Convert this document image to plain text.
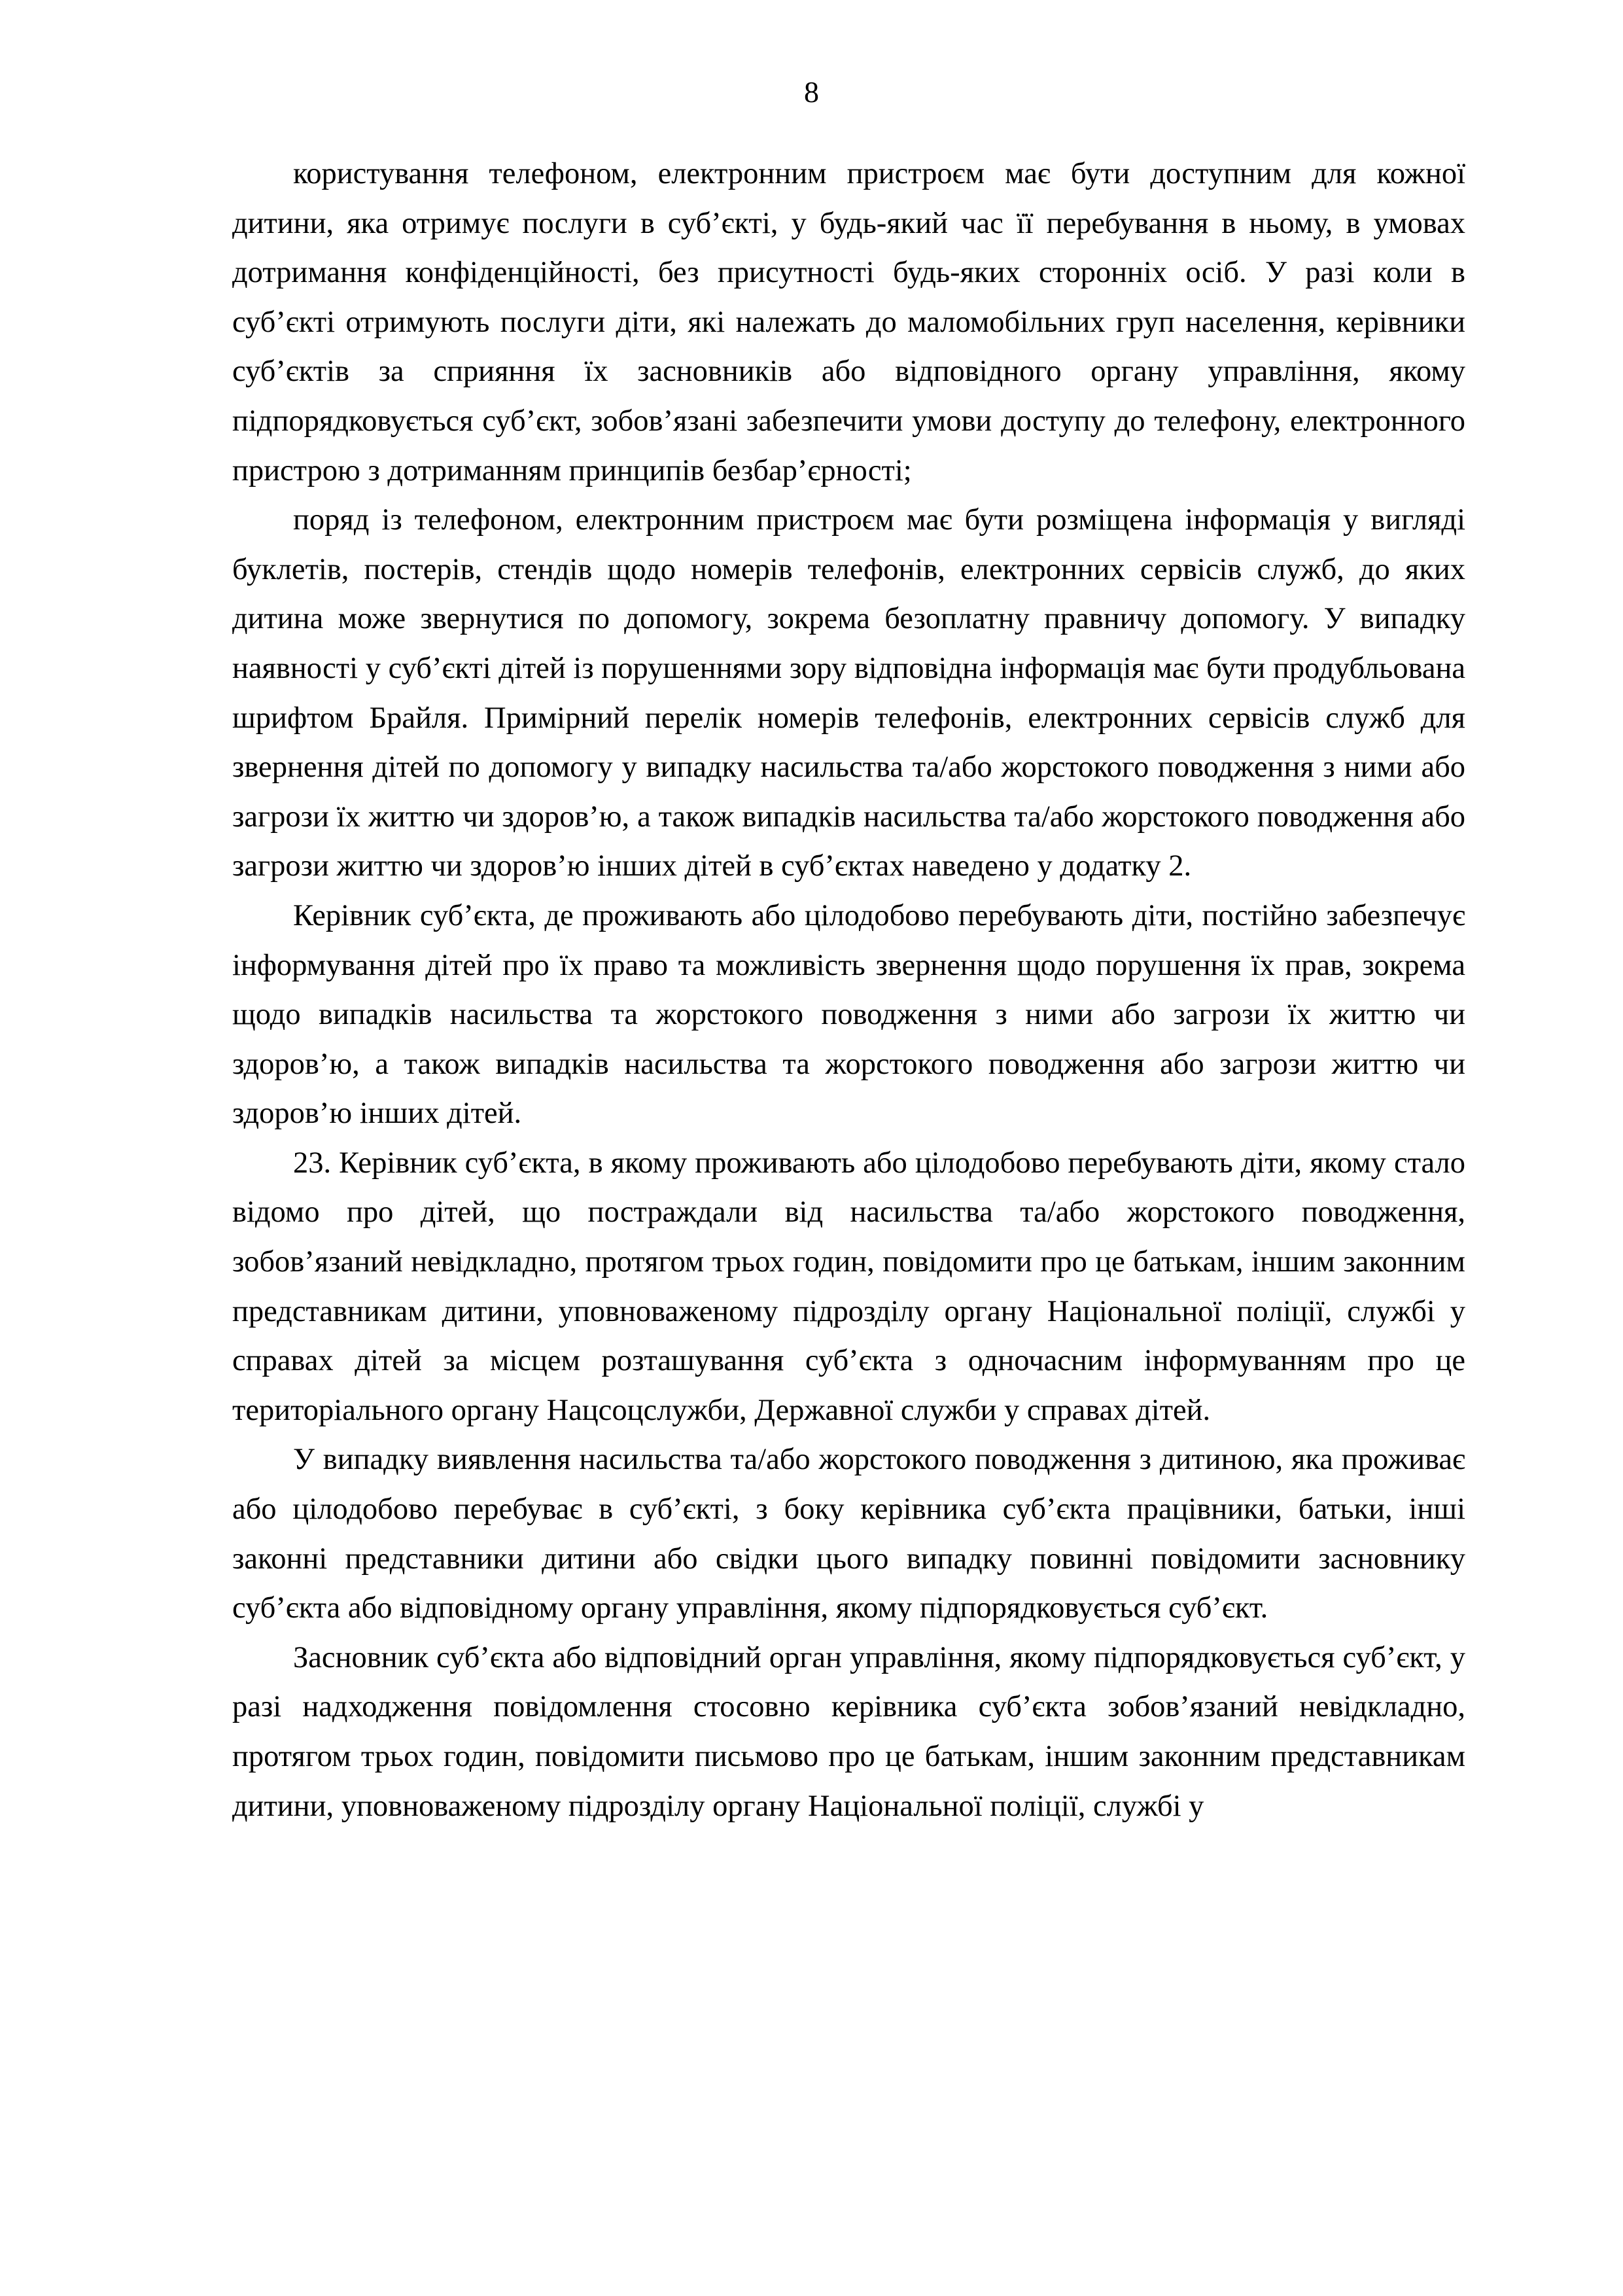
8

користування телефоном, електронним пристроєм має бути доступним для кожної дитини, яка отримує послуги в суб’єкті, у будь-який час її перебування в ньому, в умовах дотримання конфіденційності, без присутності будь-яких сторонніх осіб. У разі коли в суб’єкті отримують послуги діти, які належать до маломобільних груп населення, керівники суб’єктів за сприяння їх засновників або відповідного органу управління, якому підпорядковується суб’єкт, зобов’язані забезпечити умови доступу до телефону, електронного пристрою з дотриманням принципів безбар’єрності;

поряд із телефоном, електронним пристроєм має бути розміщена інформація у вигляді буклетів, постерів, стендів щодо номерів телефонів, електронних сервісів служб, до яких дитина може звернутися по допомогу, зокрема безоплатну правничу допомогу. У випадку наявності у суб’єкті дітей із порушеннями зору відповідна інформація має бути продубльована шрифтом Брайля. Примірний перелік номерів телефонів, електронних сервісів служб для звернення дітей по допомогу у випадку насильства та/або жорстокого поводження з ними або загрози їх життю чи здоров’ю, а також випадків насильства та/або жорстокого поводження або загрози життю чи здоров’ю інших дітей в суб’єктах наведено у додатку 2.

Керівник суб’єкта, де проживають або цілодобово перебувають діти, постійно забезпечує інформування дітей про їх право та можливість звернення щодо порушення їх прав, зокрема щодо випадків насильства та жорстокого поводження з ними або загрози їх життю чи здоров’ю, а також випадків насильства та жорстокого поводження або загрози життю чи здоров’ю інших дітей.

23. Керівник суб’єкта, в якому проживають або цілодобово перебувають діти, якому стало відомо про дітей, що постраждали від насильства та/або жорстокого поводження, зобов’язаний невідкладно, протягом трьох годин, повідомити про це батькам, іншим законним представникам дитини, уповноваженому підрозділу органу Національної поліції, службі у справах дітей за місцем розташування суб’єкта з одночасним інформуванням про це територіального органу Нацсоцслужби, Державної служби у справах дітей.

У випадку виявлення насильства та/або жорстокого поводження з дитиною, яка проживає або цілодобово перебуває в суб’єкті, з боку керівника суб’єкта працівники, батьки, інші законні представники дитини або свідки цього випадку повинні повідомити засновнику суб’єкта або відповідному органу управління, якому підпорядковується суб’єкт.

Засновник суб’єкта або відповідний орган управління, якому підпорядковується суб’єкт, у разі надходження повідомлення стосовно керівника суб’єкта зобов’язаний невідкладно, протягом трьох годин, повідомити письмово про це батькам, іншим законним представникам дитини, уповноваженому підрозділу органу Національної поліції, службі у
